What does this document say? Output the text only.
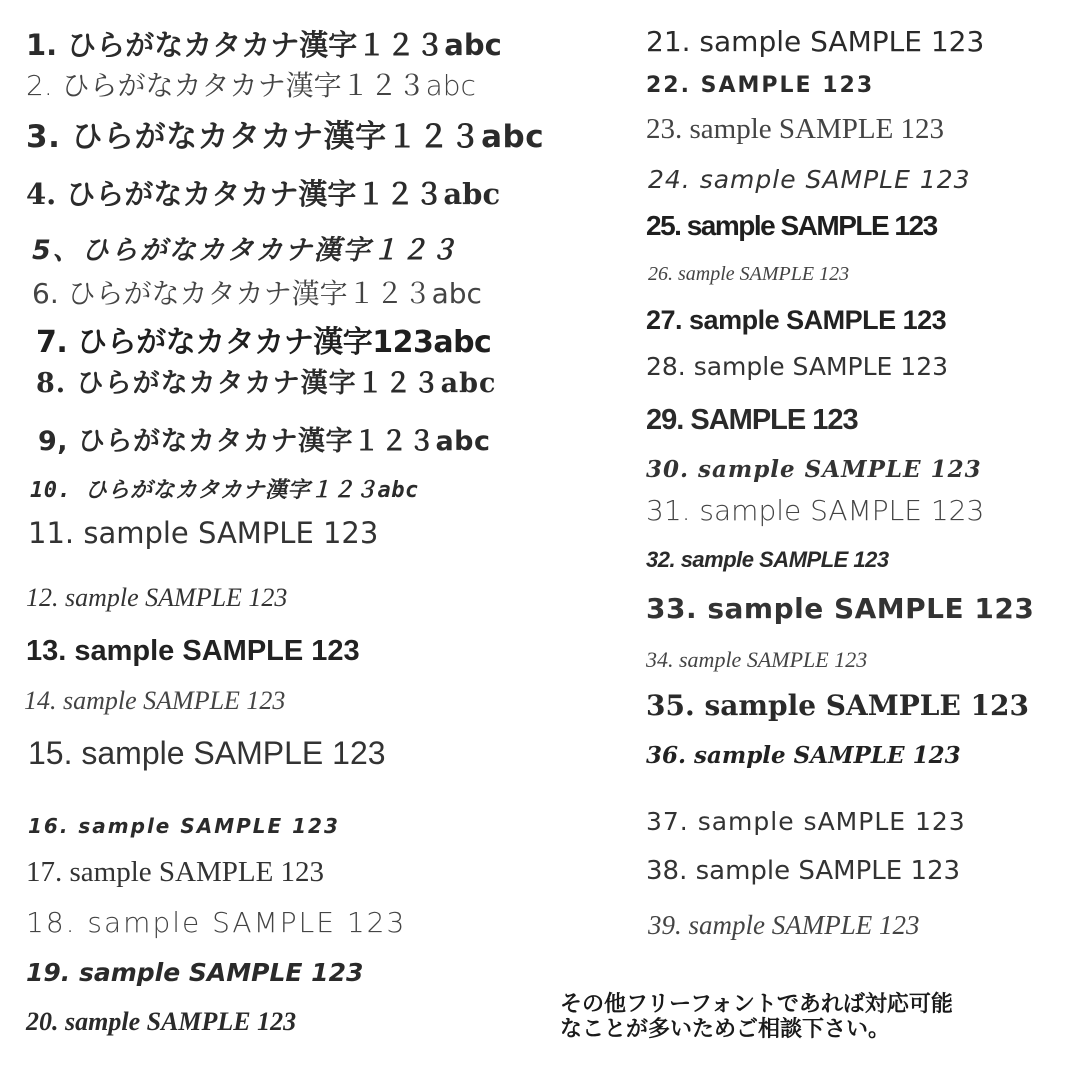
1. ひらがなカタカナ漢字１２３abc
2. ひらがなカタカナ漢字１２３abc
3. ひらがなカタカナ漢字１２３abc
4. ひらがなカタカナ漢字１２３abc
5、ひらがなカタカナ漢字１２３
6. ひらがなカタカナ漢字１２３abc
7. ひらがなカタカナ漢字123abc
8. ひらがなカタカナ漢字１２３abc
9, ひらがなカタカナ漢字１２３abc
10. ひらがなカタカナ漢字１２３abc
11. sample SAMPLE 123
12. sample SAMPLE 123
13. sample SAMPLE 123
14. sample SAMPLE 123
15. sample SAMPLE 123
16. sample SAMPLE 123
17. sample SAMPLE 123
18. sample SAMPLE 123
19. sample SAMPLE 123
20. sample SAMPLE 123
21. sample SAMPLE 123
22. SAMPLE 123
23. sample SAMPLE 123
24. sample SAMPLE 123
25. sample SAMPLE 123
26. sample SAMPLE 123
27. sample SAMPLE 123
28. sample SAMPLE 123
29. SAMPLE 123
30. sample SAMPLE 123
31. sample SAMPLE 123
32. sample SAMPLE 123
33. sample SAMPLE 123
34. sample SAMPLE 123
35. sample SAMPLE 123
36. sample SAMPLE 123
37. sample sAMPLE 123
38. sample SAMPLE 123
39. sample SAMPLE 123
その他フリーフォントであれば対応可能
なことが多いためご相談下さい。
